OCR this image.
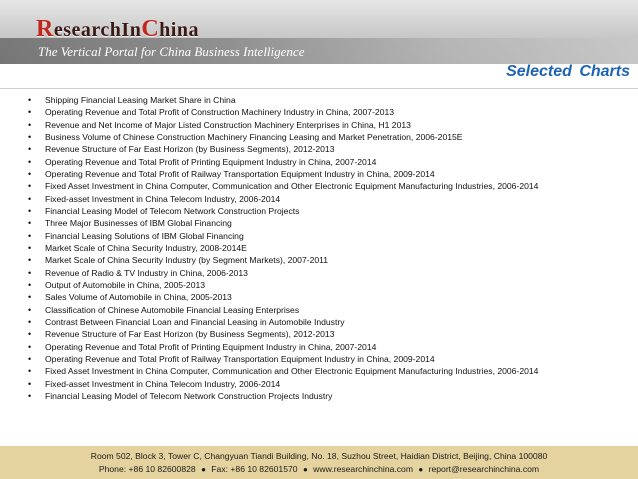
ResearchInChina
The Vertical Portal for China Business Intelligence
Selected Charts
• Shipping Financial Leasing Market Share in China
• Operating Revenue and Total Profit of Construction Machinery Industry in China, 2007-2013
• Revenue and Net Income of Major Listed Construction Machinery Enterprises in China, H1 2013
• Business Volume of Chinese Construction Machinery Financing Leasing and Market Penetration, 2006-2015E
• Revenue Structure of Far East Horizon (by Business Segments), 2012-2013
• Operating Revenue and Total Profit of Printing Equipment Industry in China, 2007-2014
• Operating Revenue and Total Profit of Railway Transportation Equipment Industry in China, 2009-2014
• Fixed Asset Investment in China Computer, Communication and Other Electronic Equipment Manufacturing Industries, 2006-2014
• Fixed-asset Investment in China Telecom Industry, 2006-2014
• Financial Leasing Model of Telecom Network Construction Projects
• Three Major Businesses of IBM Global Financing
• Financial Leasing Solutions of IBM Global Financing
• Market Scale of China Security Industry, 2008-2014E
• Market Scale of China Security Industry (by Segment Markets), 2007-2011
• Revenue of Radio & TV Industry in China, 2006-2013
• Output of Automobile in China, 2005-2013
• Sales Volume of Automobile in China, 2005-2013
• Classification of Chinese Automobile Financial Leasing Enterprises
• Contrast Between Financial Loan and Financial Leasing in Automobile Industry
• Revenue Structure of Far East Horizon (by Business Segments), 2012-2013
• Operating Revenue and Total Profit of Printing Equipment Industry in China, 2007-2014
• Operating Revenue and Total Profit of Railway Transportation Equipment Industry in China, 2009-2014
• Fixed Asset Investment in China Computer, Communication and Other Electronic Equipment Manufacturing Industries, 2006-2014
• Fixed-asset Investment in China Telecom Industry, 2006-2014
• Financial Leasing Model of Telecom Network Construction Projects Industry
Room 502, Block 3, Tower C, Changyuan Tiandi Building, No. 18, Suzhou Street, Haidian District, Beijing, China 100080
Phone: +86 10 82600828 ● Fax: +86 10 82601570 ● www.researchinchina.com ● report@researchinchina.com
